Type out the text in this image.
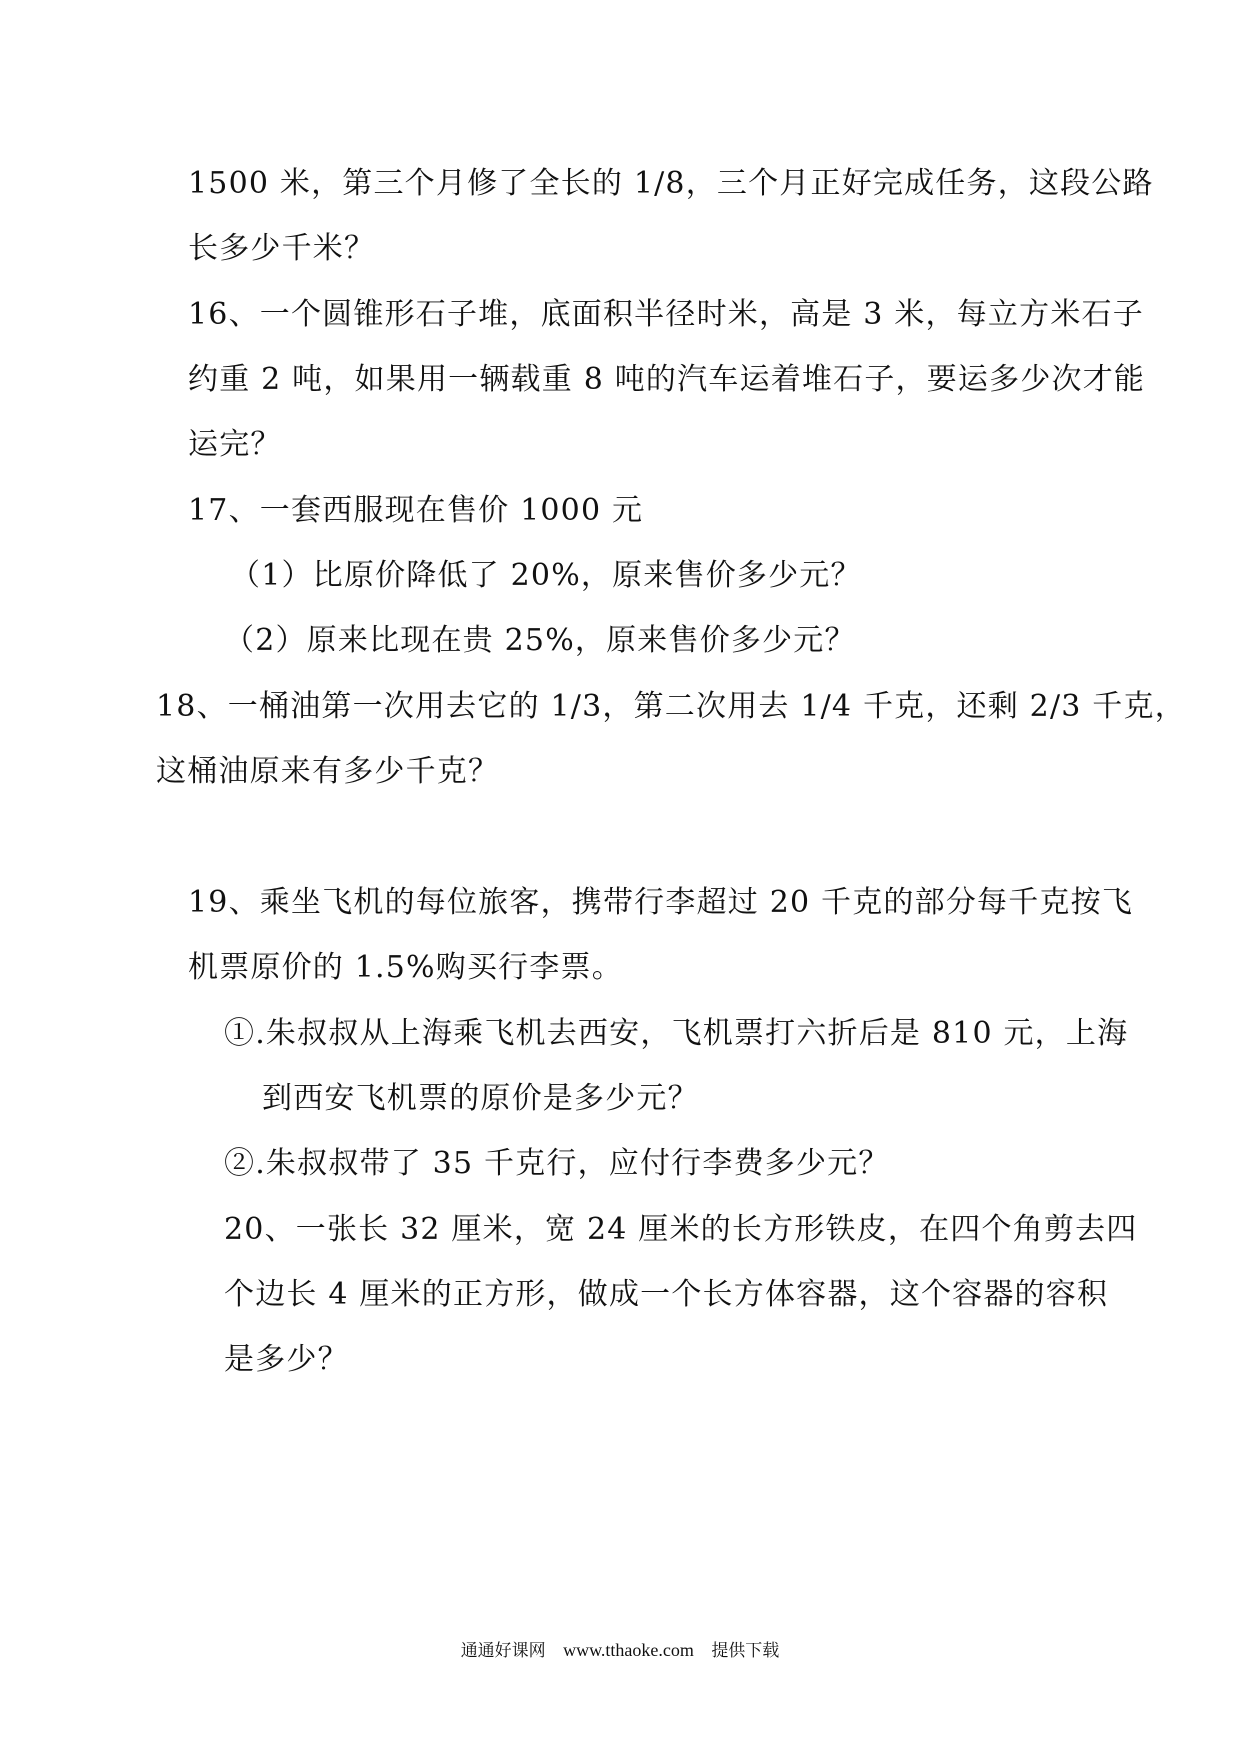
1500 米，第三个月修了全长的 1/8，三个月正好完成任务，这段公路

长多少千米？

16、一个圆锥形石子堆，底面积半径时米，高是 3 米，每立方米石子

约重 2 吨，如果用一辆载重 8 吨的汽车运着堆石子，要运多少次才能

运完？

17、一套西服现在售价 1000 元

（1）比原价降低了 20%，原来售价多少元？

（2）原来比现在贵 25%，原来售价多少元？

18、一桶油第一次用去它的 1/3，第二次用去 1/4 千克，还剩 2/3 千克，

这桶油原来有多少千克？

19、乘坐飞机的每位旅客，携带行李超过 20 千克的部分每千克按飞

机票原价的 1.5%购买行李票。

①.朱叔叔从上海乘飞机去西安，飞机票打六折后是 810 元，上海

到西安飞机票的原价是多少元？

②.朱叔叔带了 35 千克行，应付行李费多少元？

20、一张长 32 厘米，宽 24 厘米的长方形铁皮，在四个角剪去四

个边长 4 厘米的正方形，做成一个长方体容器，这个容器的容积

是多少？

通通好课网 www.tthaoke.com 提供下载
